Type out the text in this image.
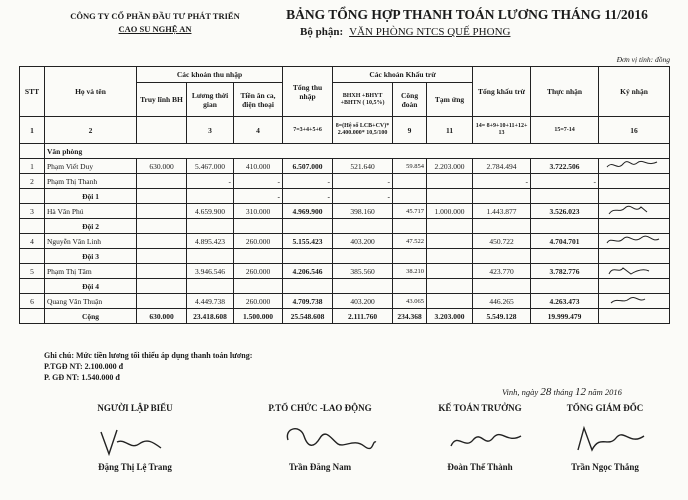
CÔNG TY CỔ PHẦN ĐẦU TƯ PHÁT TRIỂN
CAO SU NGHỆ AN
BẢNG TỔNG HỢP THANH TOÁN LƯƠNG THÁNG 11/2016
Bộ phận: VĂN PHÒNG NTCS QUẾ PHONG
Đơn vị tính: đồng
STT	Họ và tên	Các khoản thu nhập			Tổng thu nhập	Các khoản Khấu trừ			Tổng khấu trừ	Thực nhận	Ký nhận
		Truy lĩnh BH	Lương thời gian	Tiền ăn ca, điện thoại		BHXH +BHYT +BHTN ( 10,5%)	Công đoàn	Tạm ứng			
1	2		3	4	7=3+4+5+6	8=(Hệ số LCB+CV)* 2.400.000* 10,5/100	9	11	14= 8+9+10+11+12+ 13	15=7-14	16
	Văn phòng										
1	Phạm Viết Duy	630.000	5.467.000	410.000	6.507.000	521.640	59.854	2.203.000	2.784.494	3.722.506	
2	Phạm Thị Thanh		-	-	-	-			-	-	
	Đội 1			-	-	-					
3	Hà Văn Phú		4.659.900	310.000	4.969.900	398.160	45.717	1.000.000	1.443.877	3.526.023	
	Đội 2										
4	Nguyễn Văn Linh		4.895.423	260.000	5.155.423	403.200	47.522		450.722	4.704.701	
	Đội 3										
5	Phạm Thị Tâm		3.946.546	260.000	4.206.546	385.560	38.210		423.770	3.782.776	
	Đội 4										
6	Quang Văn Thuận		4.449.738	260.000	4.709.738	403.200	43.065		446.265	4.263.473	
	Cộng	630.000	23.418.608	1.500.000	25.548.608	2.111.760	234.368	3.203.000	5.549.128	19.999.479	
Ghi chú: Mức tiền lương tối thiểu áp dụng thanh toán lương:
P.TGĐ NT: 2.100.000 đ
P. GĐ NT: 1.540.000 đ
Vinh, ngày 28 tháng 12 năm 2016
NGƯỜI LẬP BIỂU	P.TỔ CHỨC -LAO ĐỘNG	KẾ TOÁN TRƯỞNG	TỔNG GIÁM ĐỐC
Đặng Thị Lệ Trang	Trần Đăng Nam	Đoàn Thế Thành	Trần Ngọc Thắng
